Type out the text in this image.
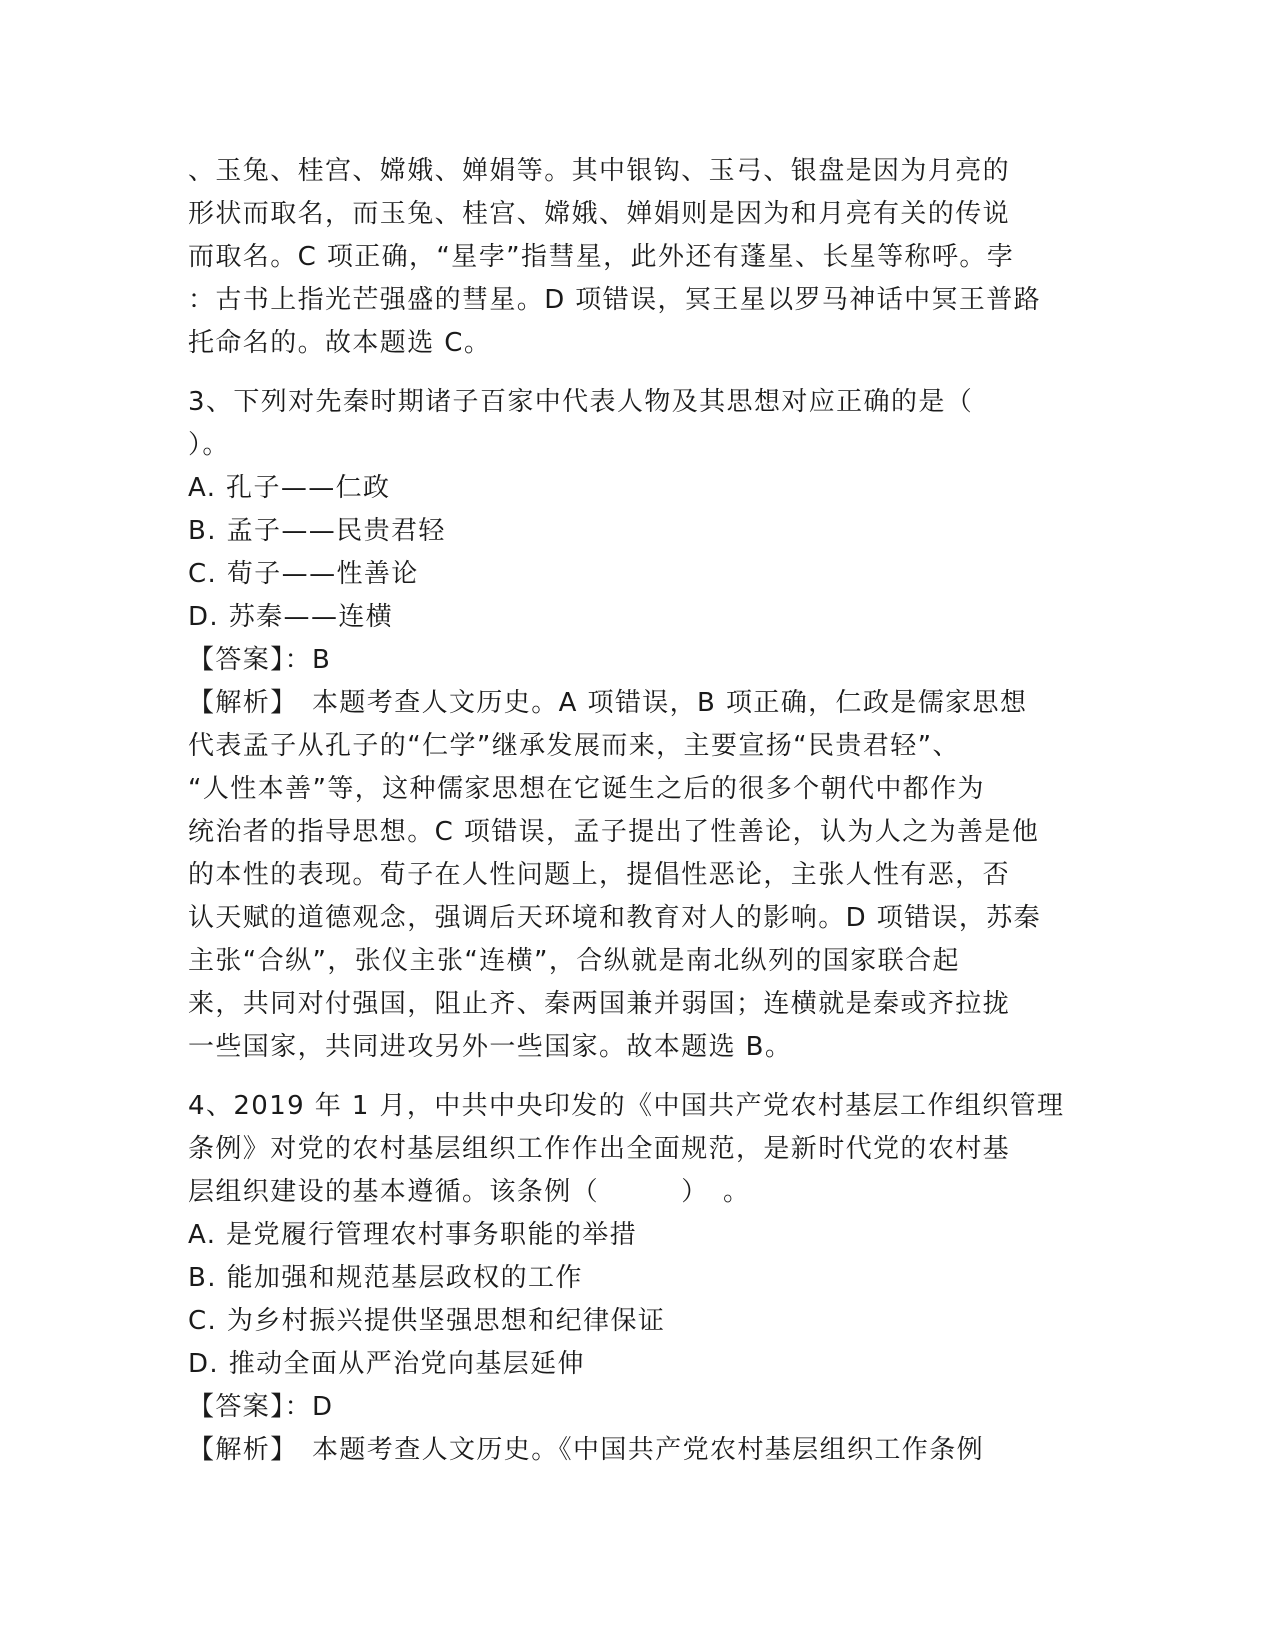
、玉兔、桂宫、嫦娥、婵娟等。其中银钩、玉弓、银盘是因为月亮的
形状而取名，而玉兔、桂宫、嫦娥、婵娟则是因为和月亮有关的传说
而取名。C 项正确，“星孛”指彗星，此外还有蓬星、长星等称呼。孛
：古书上指光芒强盛的彗星。D 项错误，冥王星以罗马神话中冥王普路
托命名的。故本题选 C。
3、下列对先秦时期诸子百家中代表人物及其思想对应正确的是（
）。
A. 孔子——仁政
B. 孟子——民贵君轻
C. 荀子——性善论
D. 苏秦——连横
【答案】：B
【解析】　本题考查人文历史。A 项错误，B 项正确，仁政是儒家思想
代表孟子从孔子的“仁学”继承发展而来，主要宣扬“民贵君轻”、
“人性本善”等，这种儒家思想在它诞生之后的很多个朝代中都作为
统治者的指导思想。C 项错误，孟子提出了性善论，认为人之为善是他
的本性的表现。荀子在人性问题上，提倡性恶论，主张人性有恶，否
认天赋的道德观念，强调后天环境和教育对人的影响。D 项错误，苏秦
主张“合纵”，张仪主张“连横”，合纵就是南北纵列的国家联合起
来，共同对付强国，阻止齐、秦两国兼并弱国；连横就是秦或齐拉拢
一些国家，共同进攻另外一些国家。故本题选 B。
4、2019 年 1 月，中共中央印发的《中国共产党农村基层工作组织管理
条例》对党的农村基层组织工作作出全面规范，是新时代党的农村基
层组织建设的基本遵循。该条例（　　　）　。
A. 是党履行管理农村事务职能的举措
B. 能加强和规范基层政权的工作
C. 为乡村振兴提供坚强思想和纪律保证
D. 推动全面从严治党向基层延伸
【答案】：D
【解析】　本题考查人文历史。《中国共产党农村基层组织工作条例
